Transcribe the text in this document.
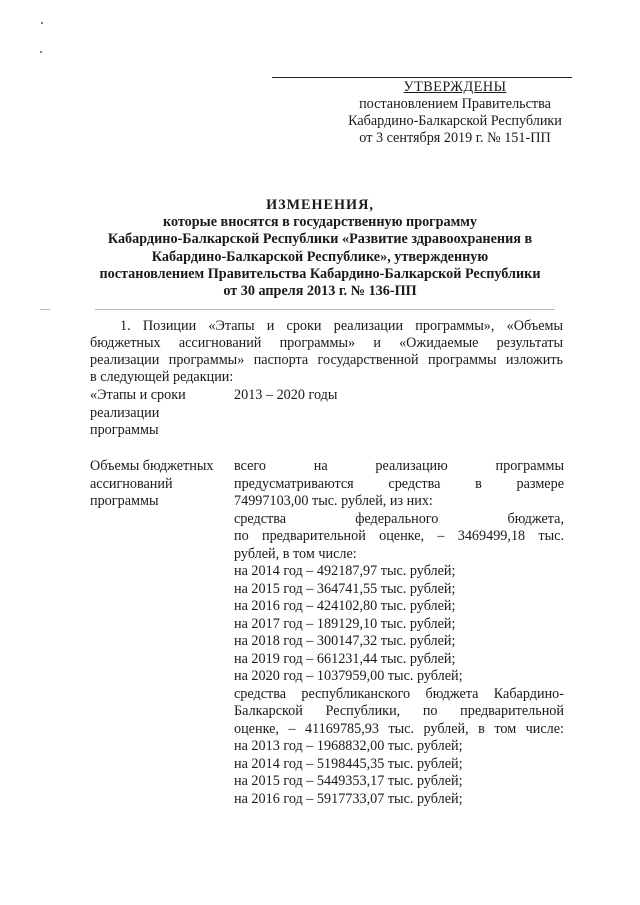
УТВЕРЖДЕНЫ
постановлением Правительства
Кабардино-Балкарской Республики
от 3 сентября 2019 г. № 151-ПП
ИЗМЕНЕНИЯ,
которые вносятся в государственную программу
Кабардино-Балкарской Республики «Развитие здравоохранения в
Кабардино-Балкарской Республике», утвержденную
постановлением Правительства Кабардино-Балкарской Республики
от 30 апреля 2013 г. № 136-ПП
1. Позиции «Этапы и сроки реализации программы», «Объемы
бюджетных ассигнований программы» и «Ожидаемые результаты
реализации программы» паспорта государственной программы изложить
в следующей редакции:
«Этапы и сроки
реализации
программы
2013 – 2020 годы
Объемы бюджетных
ассигнований
программы
всего на реализацию программы
предусматриваются средства в размере
74997103,00 тыс. рублей, из них:
средства федерального бюджета,
по предварительной оценке, – 3469499,18 тыс.
рублей, в том числе:
на 2014 год – 492187,97 тыс. рублей;
на 2015 год – 364741,55 тыс. рублей;
на 2016 год – 424102,80 тыс. рублей;
на 2017 год – 189129,10 тыс. рублей;
на 2018 год – 300147,32 тыс. рублей;
на 2019 год – 661231,44 тыс. рублей;
на 2020 год – 1037959,00 тыс. рублей;
средства республиканского бюджета Кабардино-
Балкарской Республики, по предварительной
оценке, – 41169785,93 тыс. рублей, в том числе:
на 2013 год – 1968832,00 тыс. рублей;
на 2014 год – 5198445,35 тыс. рублей;
на 2015 год – 5449353,17 тыс. рублей;
на 2016 год – 5917733,07 тыс. рублей;
